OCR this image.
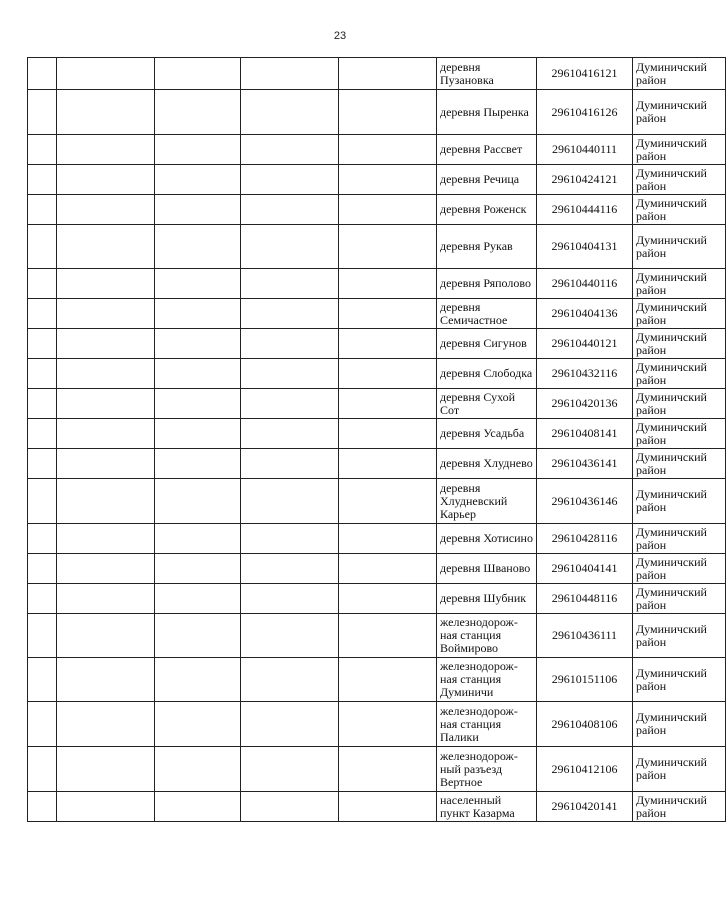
23
					деревня Пузановка	29610416121	Думиничский район
					деревня Пыренка	29610416126	Думиничский район
					деревня Рассвет	29610440111	Думиничский район
					деревня Речица	29610424121	Думиничский район
					деревня Роженск	29610444116	Думиничский район
					деревня Рукав	29610404131	Думиничский район
					деревня Ряполово	29610440116	Думиничский район
					деревня Семичастное	29610404136	Думиничский район
					деревня Сигунов	29610440121	Думиничский район
					деревня Слободка	29610432116	Думиничский район
					деревня Сухой Сот	29610420136	Думиничский район
					деревня Усадьба	29610408141	Думиничский район
					деревня Хлуднево	29610436141	Думиничский район
					деревня Хлудневский Карьер	29610436146	Думиничский район
					деревня Хотисино	29610428116	Думиничский район
					деревня Шваново	29610404141	Думиничский район
					деревня Шубник	29610448116	Думиничский район
					железнодорож-ная станция Воймирово	29610436111	Думиничский район
					железнодорож-ная станция Думиничи	29610151106	Думиничский район
					железнодорож-ная станция Палики	29610408106	Думиничский район
					железнодорож-ный разъезд Вертное	29610412106	Думиничский район
					населенный пункт Казарма	29610420141	Думиничский район
